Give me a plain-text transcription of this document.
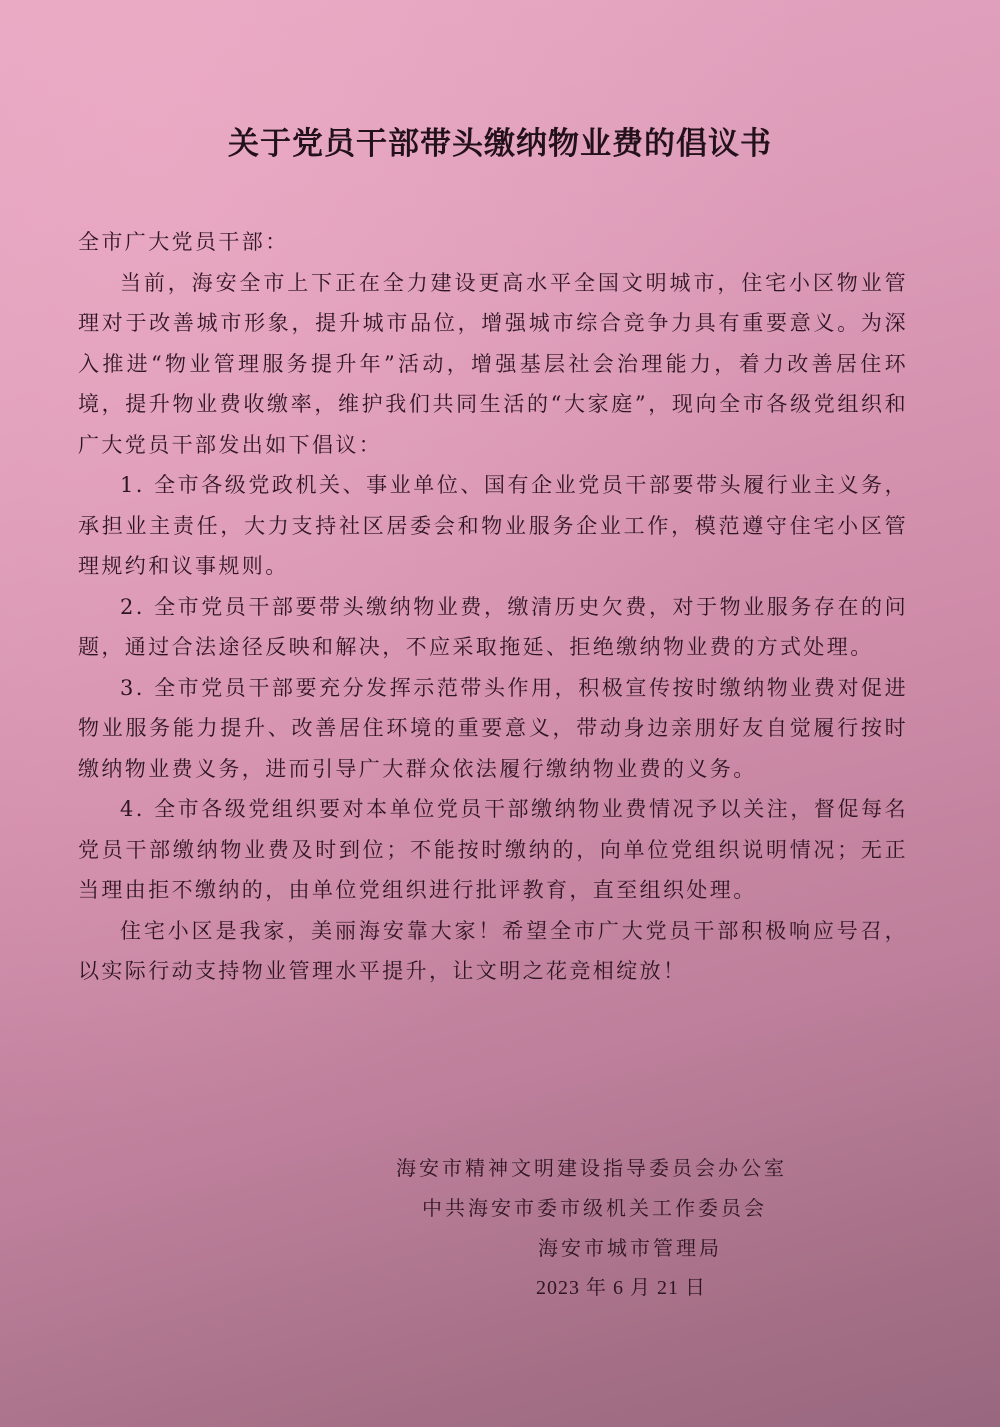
关于党员干部带头缴纳物业费的倡议书

全市广大党员干部：

当前，海安全市上下正在全力建设更高水平全国文明城市，住宅小区物业管理对于改善城市形象，提升城市品位，增强城市综合竞争力具有重要意义。为深入推进“物业管理服务提升年”活动，增强基层社会治理能力，着力改善居住环境，提升物业费收缴率，维护我们共同生活的“大家庭”，现向全市各级党组织和广大党员干部发出如下倡议：

1. 全市各级党政机关、事业单位、国有企业党员干部要带头履行业主义务，承担业主责任，大力支持社区居委会和物业服务企业工作，模范遵守住宅小区管理规约和议事规则。

2. 全市党员干部要带头缴纳物业费，缴清历史欠费，对于物业服务存在的问题，通过合法途径反映和解决，不应采取拖延、拒绝缴纳物业费的方式处理。

3. 全市党员干部要充分发挥示范带头作用，积极宣传按时缴纳物业费对促进物业服务能力提升、改善居住环境的重要意义，带动身边亲朋好友自觉履行按时缴纳物业费义务，进而引导广大群众依法履行缴纳物业费的义务。

4. 全市各级党组织要对本单位党员干部缴纳物业费情况予以关注，督促每名党员干部缴纳物业费及时到位；不能按时缴纳的，向单位党组织说明情况；无正当理由拒不缴纳的，由单位党组织进行批评教育，直至组织处理。

住宅小区是我家，美丽海安靠大家！希望全市广大党员干部积极响应号召，以实际行动支持物业管理水平提升，让文明之花竞相绽放！

海安市精神文明建设指导委员会办公室
中共海安市委市级机关工作委员会
海安市城市管理局
2023 年 6 月 21 日
